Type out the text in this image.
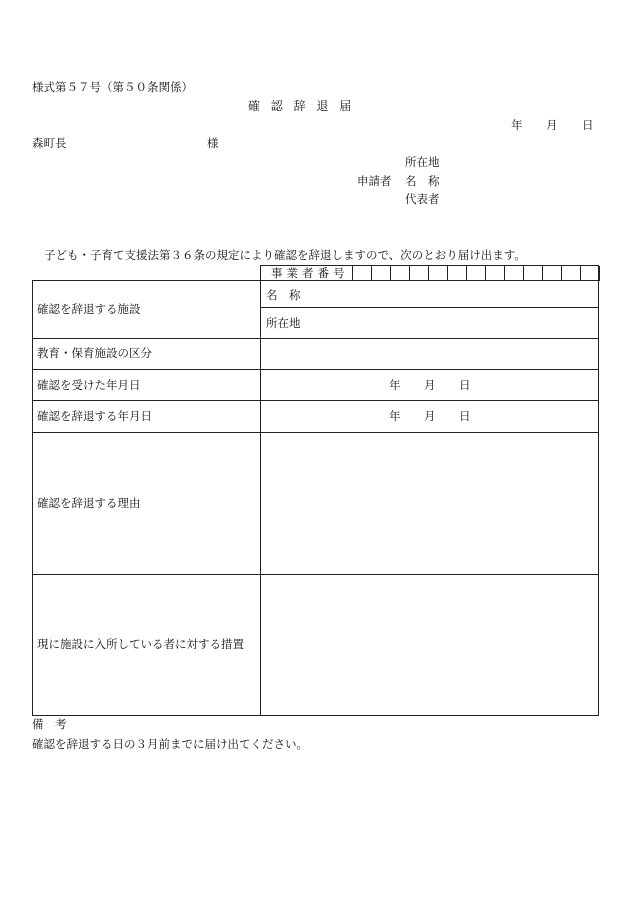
様式第５７号（第５０条関係）
確認辞退届
年 月 日
森町長	様
所在地
申請者 名　称
代表者
子ども・子育て支援法第３６条の規定により確認を辞退しますので、次のとおり届け出ます。
事業者番号
確認を辞退する施設
教育・保育施設の区分
確認を受けた年月日
確認を辞退する年月日
確認を辞退する理由
現に施設に入所している者に対する措置
名　称
所在地
年 月 日
年 月 日
備　考
確認を辞退する日の３月前までに届け出てください。
